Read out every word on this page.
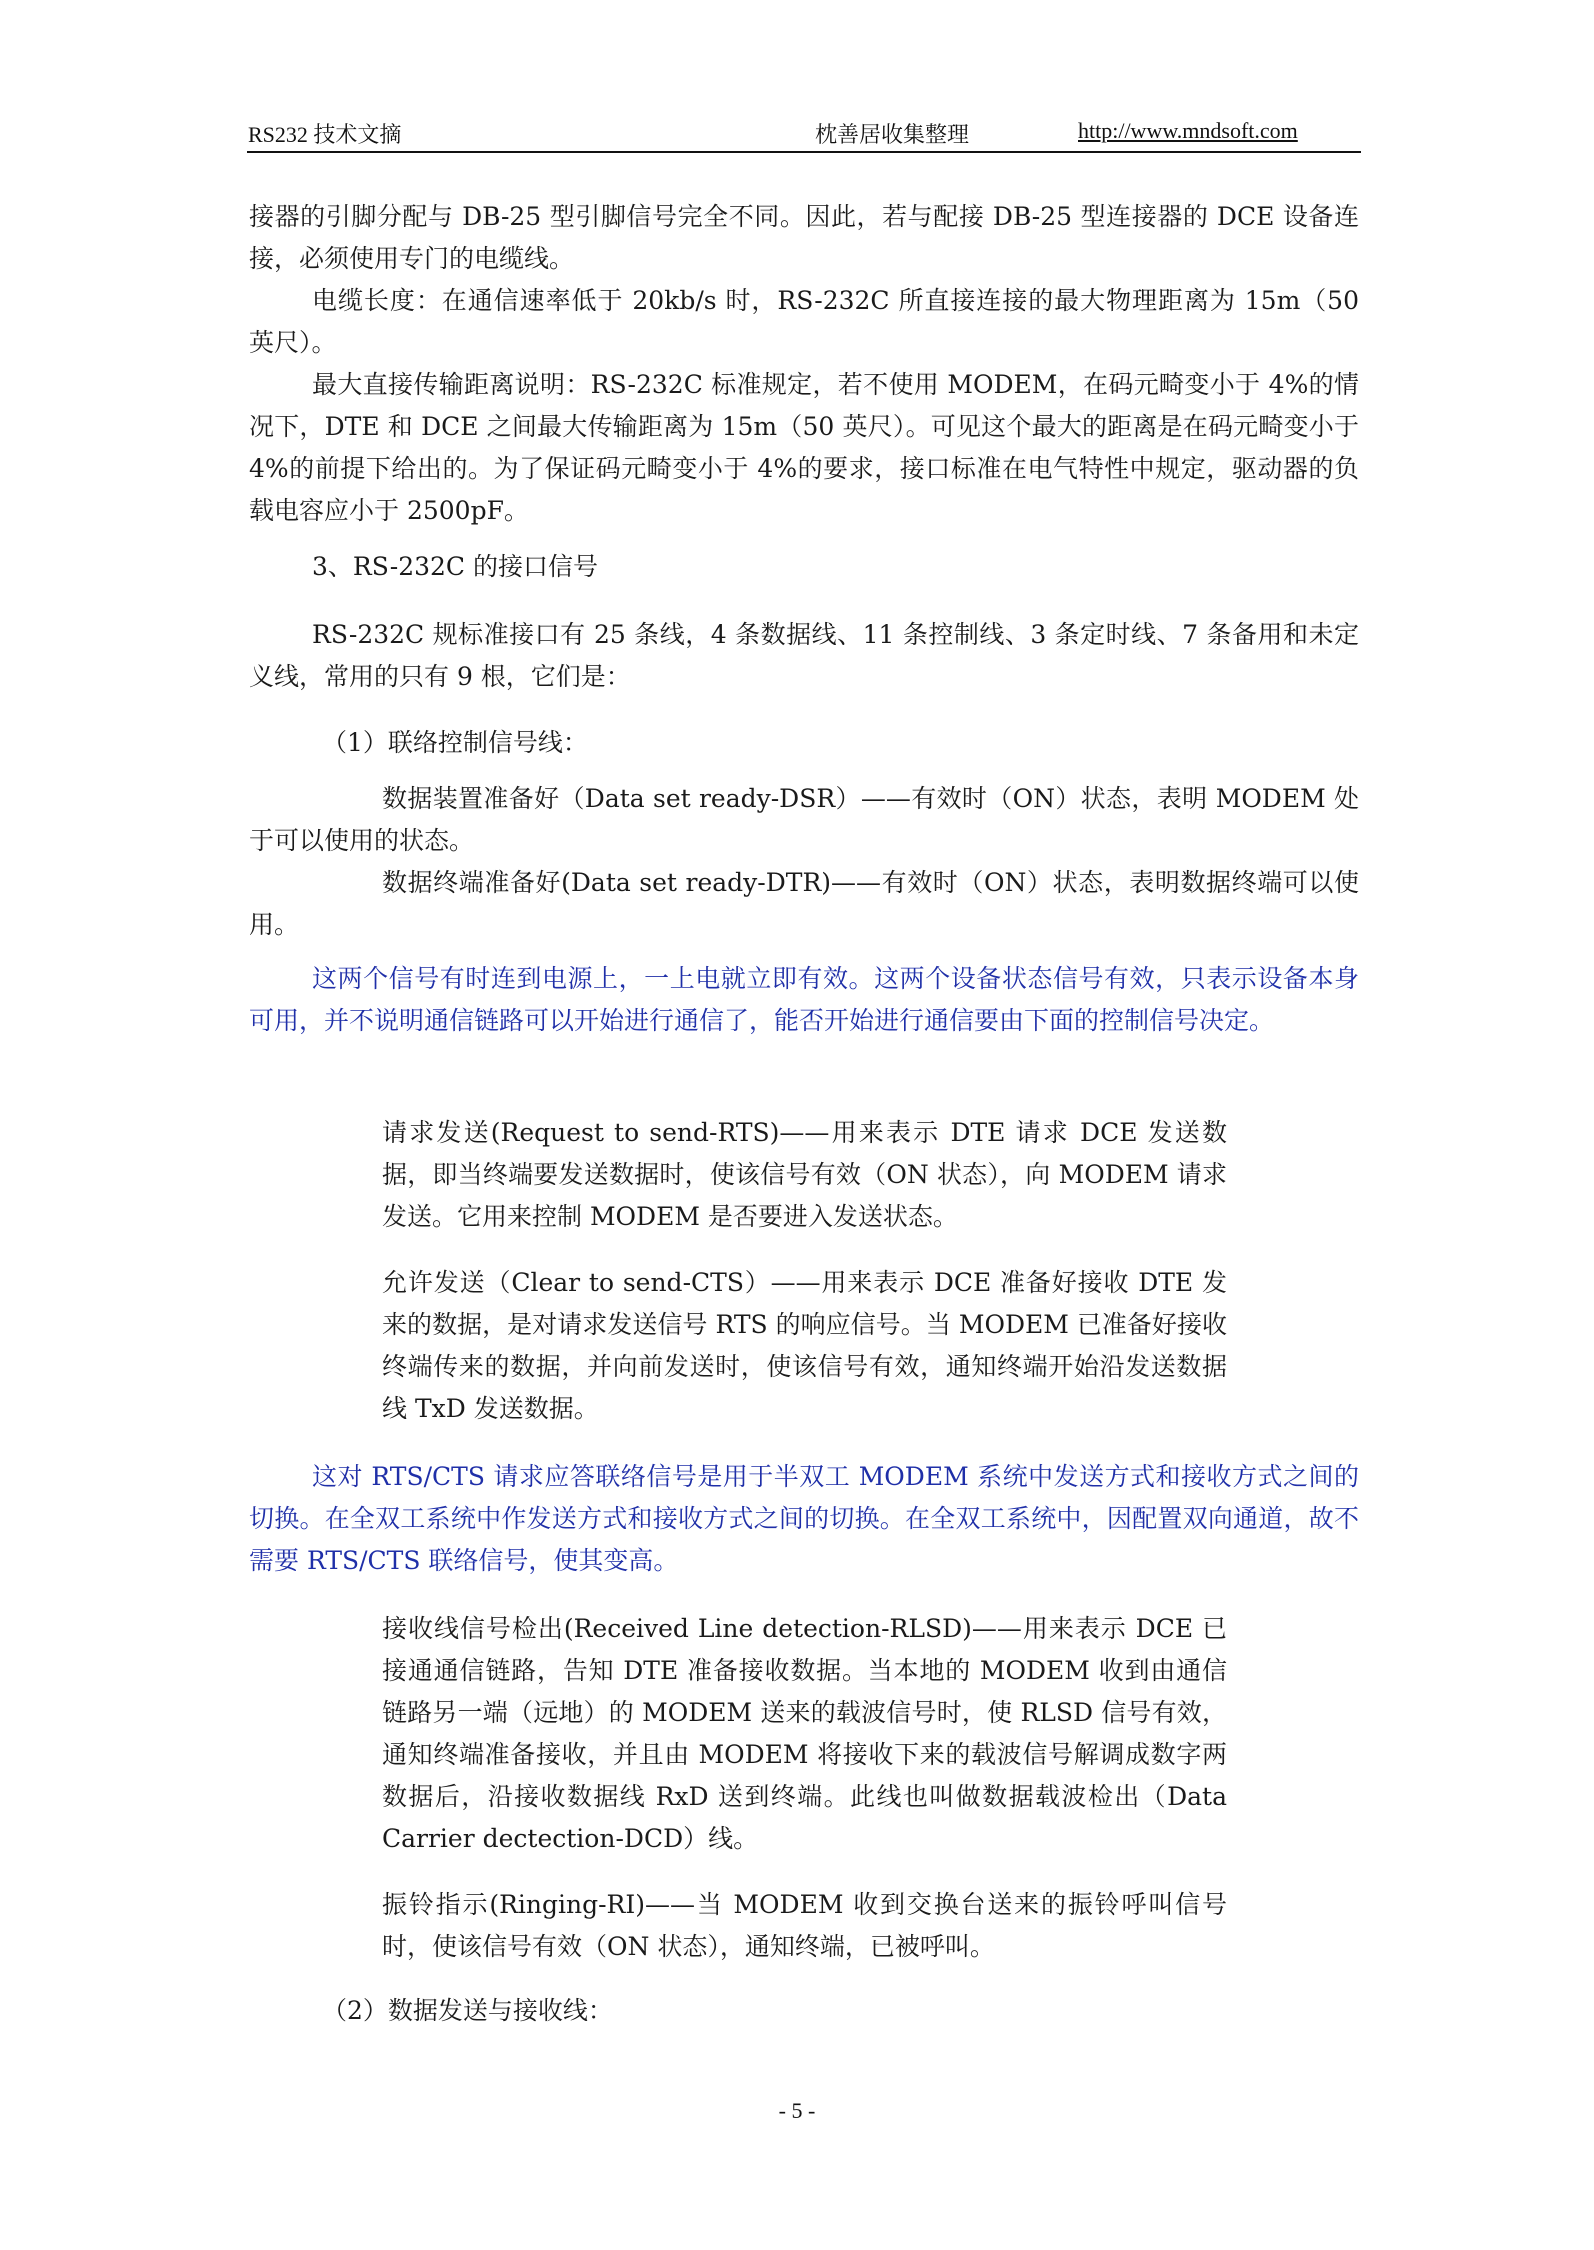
RS232 技术文摘	枕善居收集整理	http://www.mndsoft.com

接器的引脚分配与 DB-25 型引脚信号完全不同。因此，若与配接 DB-25 型连接器的 DCE 设备连接，必须使用专门的电缆线。

电缆长度：在通信速率低于 20kb/s 时，RS-232C 所直接连接的最大物理距离为 15m（50 英尺）。

最大直接传输距离说明：RS-232C 标准规定，若不使用 MODEM，在码元畸变小于 4%的情况下，DTE 和 DCE 之间最大传输距离为 15m（50 英尺）。可见这个最大的距离是在码元畸变小于 4%的前提下给出的。为了保证码元畸变小于 4%的要求，接口标准在电气特性中规定，驱动器的负载电容应小于 2500pF。

3、RS-232C 的接口信号

RS-232C 规标准接口有 25 条线，4 条数据线、11 条控制线、3 条定时线、7 条备用和未定义线，常用的只有 9 根，它们是：

（1）联络控制信号线：

数据装置准备好（Data set ready-DSR）——有效时（ON）状态，表明 MODEM 处于可以使用的状态。

数据终端准备好(Data set ready-DTR)——有效时（ON）状态，表明数据终端可以使用。

这两个信号有时连到电源上，一上电就立即有效。这两个设备状态信号有效，只表示设备本身可用，并不说明通信链路可以开始进行通信了，能否开始进行通信要由下面的控制信号决定。

请求发送(Request to send-RTS)——用来表示 DTE 请求 DCE 发送数据，即当终端要发送数据时，使该信号有效（ON 状态），向 MODEM 请求发送。它用来控制 MODEM 是否要进入发送状态。

允许发送（Clear to send-CTS）——用来表示 DCE 准备好接收 DTE 发来的数据，是对请求发送信号 RTS 的响应信号。当 MODEM 已准备好接收终端传来的数据，并向前发送时，使该信号有效，通知终端开始沿发送数据线 TxD 发送数据。

这对 RTS/CTS 请求应答联络信号是用于半双工 MODEM 系统中发送方式和接收方式之间的切换。在全双工系统中作发送方式和接收方式之间的切换。在全双工系统中，因配置双向通道，故不需要 RTS/CTS 联络信号，使其变高。

接收线信号检出(Received Line detection-RLSD)——用来表示 DCE 已接通通信链路，告知 DTE 准备接收数据。当本地的 MODEM 收到由通信链路另一端（远地）的 MODEM 送来的载波信号时，使 RLSD 信号有效，通知终端准备接收，并且由 MODEM 将接收下来的载波信号解调成数字两数据后，沿接收数据线 RxD 送到终端。此线也叫做数据载波检出（Data Carrier dectection-DCD）线。

振铃指示(Ringing-RI)——当 MODEM 收到交换台送来的振铃呼叫信号时，使该信号有效（ON 状态），通知终端，已被呼叫。

（2）数据发送与接收线：

- 5 -
